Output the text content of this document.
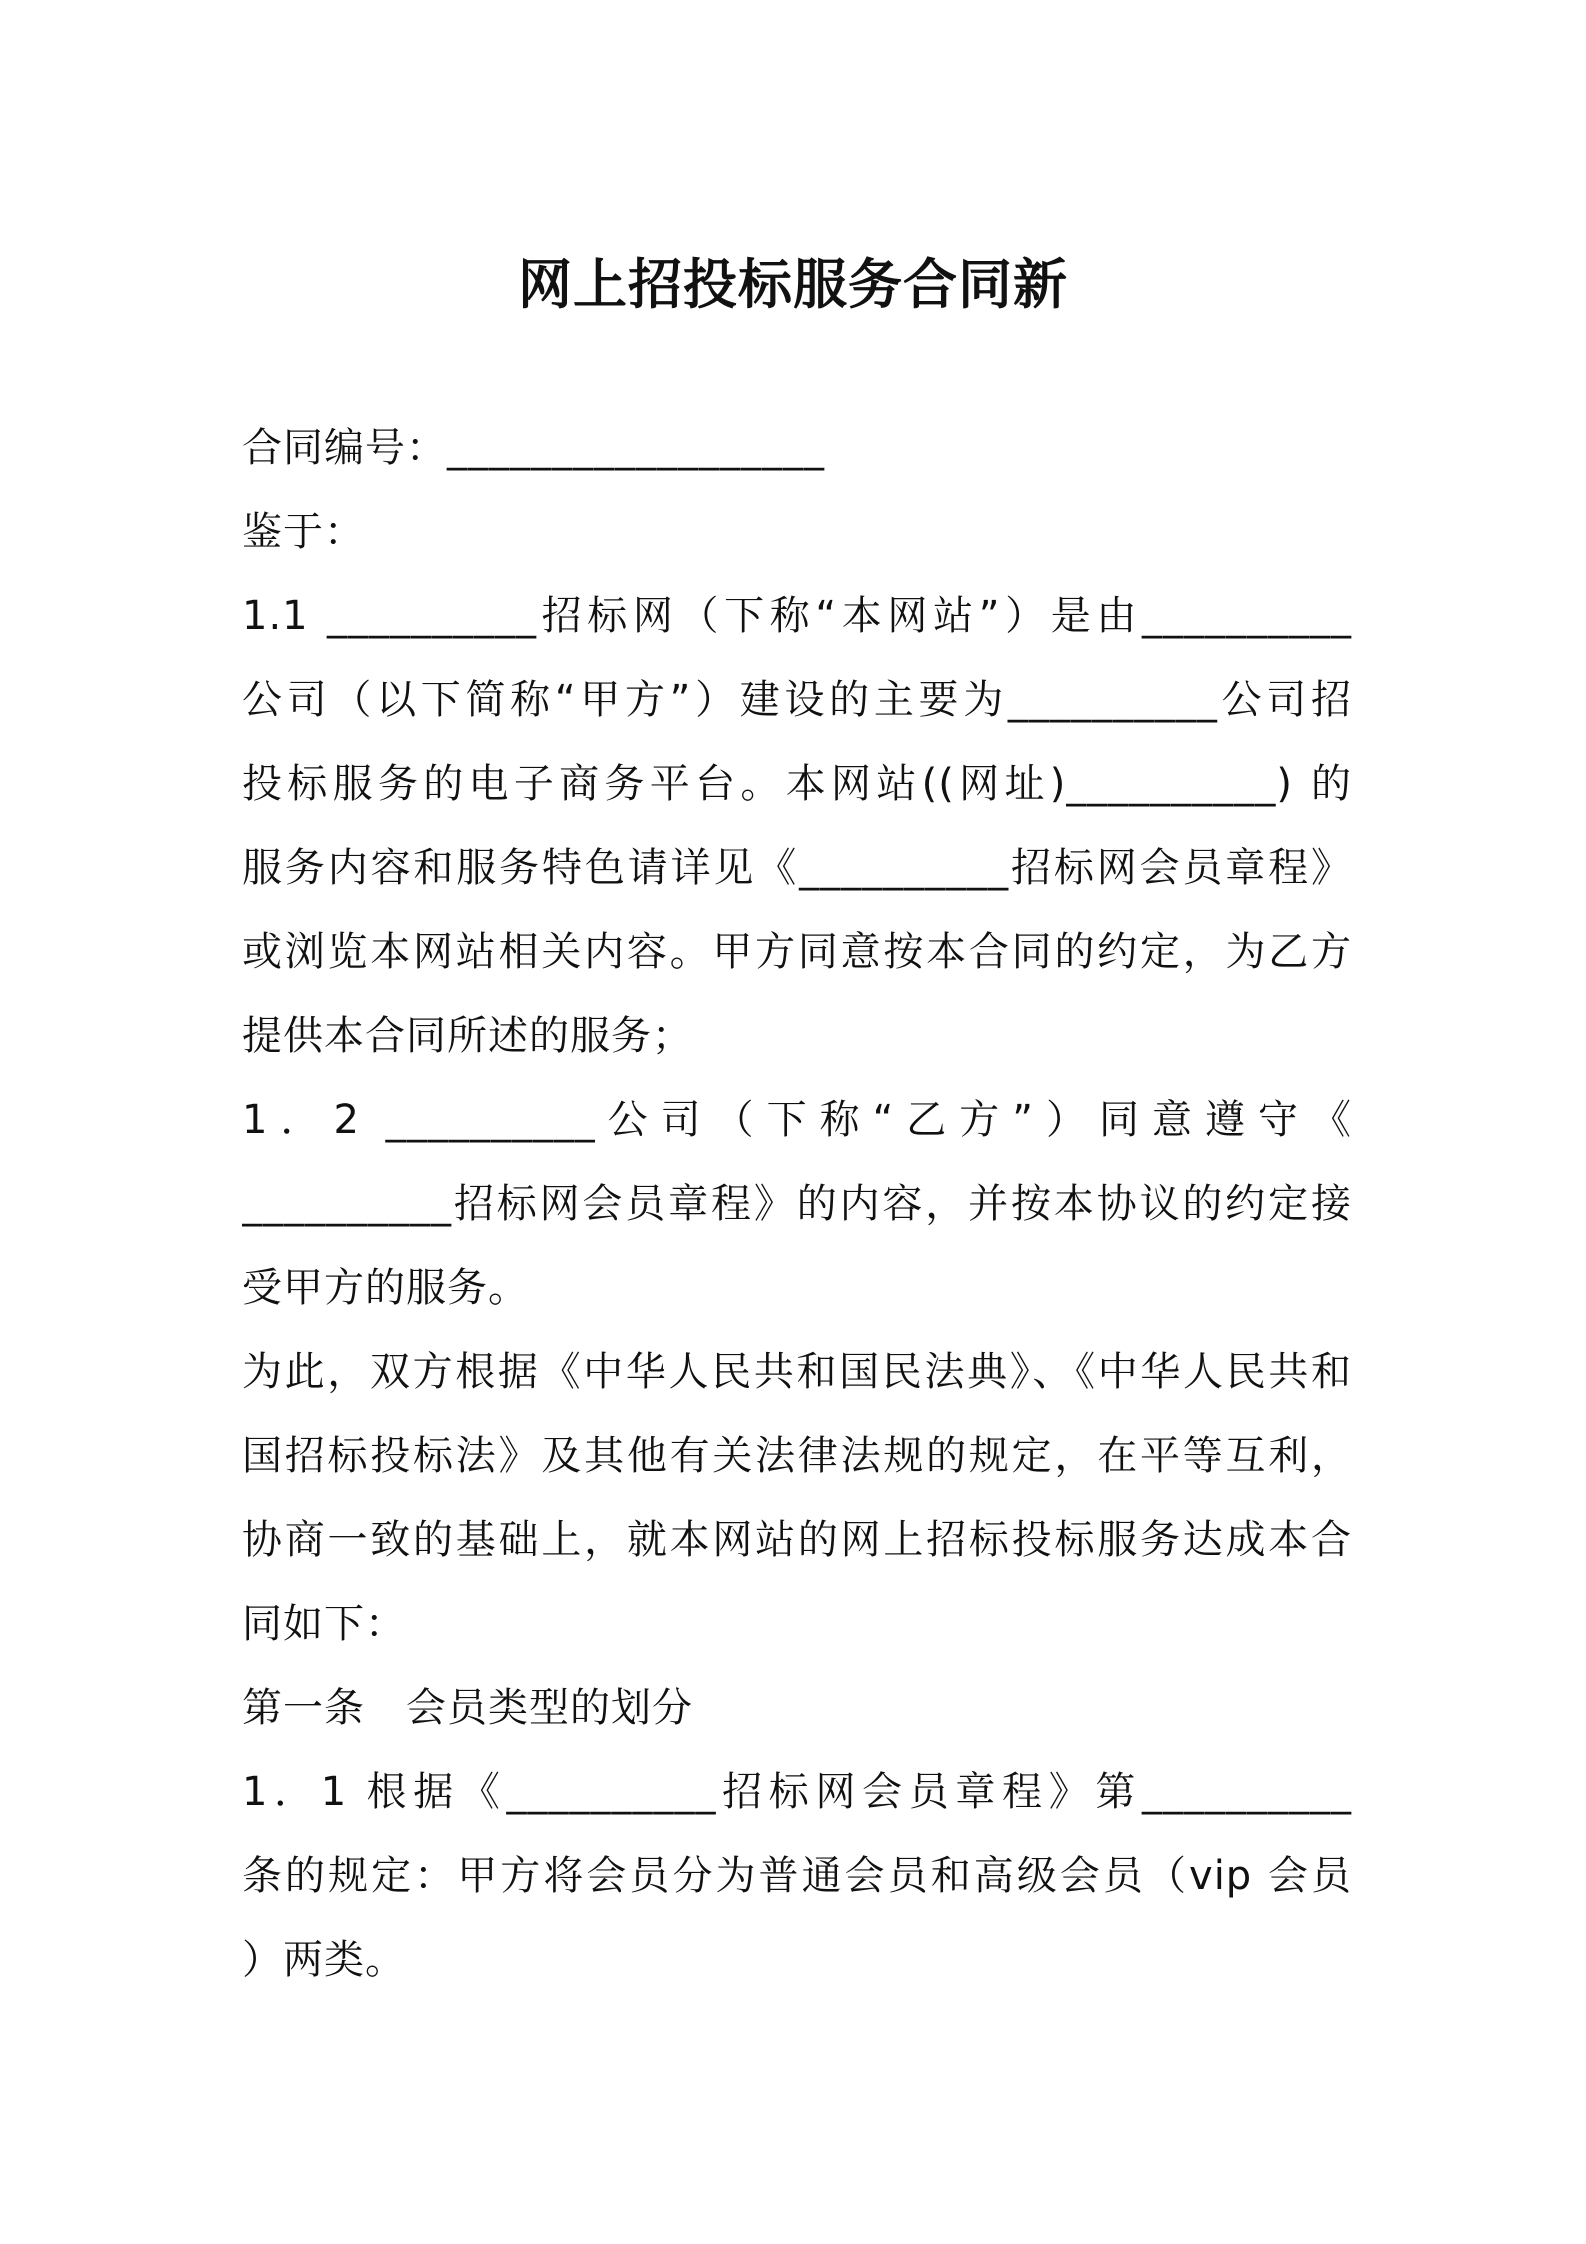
网上招投标服务合同新
合同编号：__________________
鉴于：
1.1 __________招标网（下称“本网站”）是由__________
公司（以下简称“甲方”）建设的主要为__________公司招
投标服务的电子商务平台。本网站((网址)__________) 的
服务内容和服务特色请详见《__________招标网会员章程》
或浏览本网站相关内容。甲方同意按本合同的约定，为乙方
提供本合同所述的服务；
1．2 __________公司（下称“乙方”）同意遵守《
__________招标网会员章程》的内容，并按本协议的约定接
受甲方的服务。
为此，双方根据《中华人民共和国民法典》、《中华人民共和
国招标投标法》及其他有关法律法规的规定，在平等互利，
协商一致的基础上，就本网站的网上招标投标服务达成本合
同如下：
第一条　会员类型的划分
1．1 根据《__________招标网会员章程》第__________
条的规定：甲方将会员分为普通会员和高级会员（vip 会员
）两类。
